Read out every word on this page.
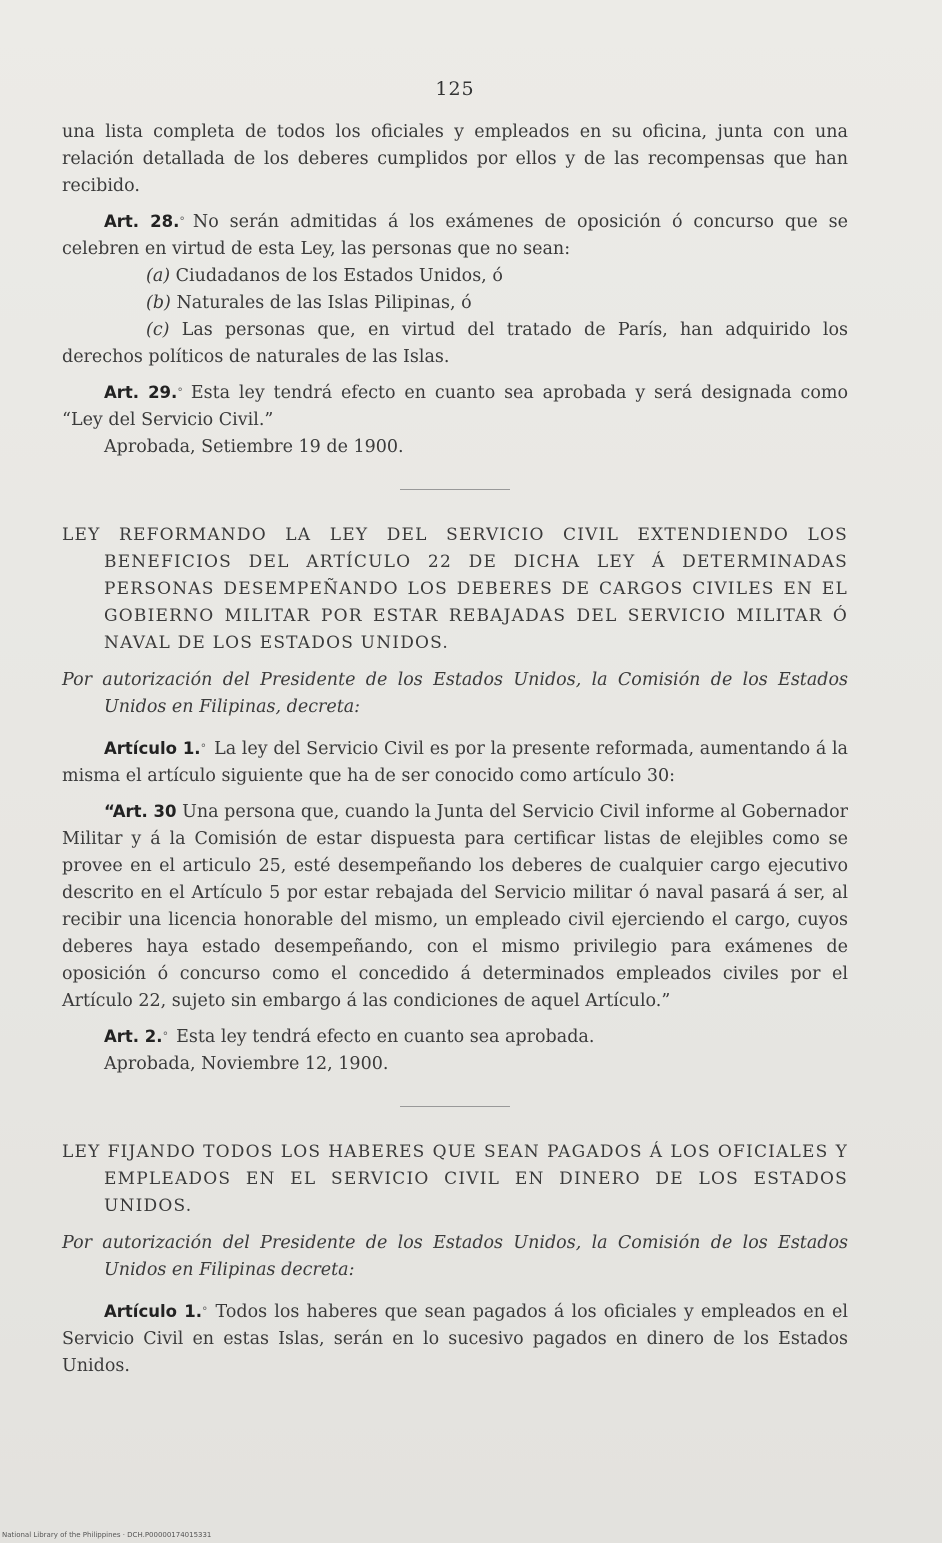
125

una lista completa de todos los oficiales y empleados en su oficina, junta con una relación detallada de los deberes cumplidos por ellos y de las recompensas que han recibido.

Art. 28.° No serán admitidas á los exámenes de oposición ó concurso que se celebren en virtud de esta Ley, las personas que no sean:

(a) Ciudadanos de los Estados Unidos, ó

(b) Naturales de las Islas Pilipinas, ó

(c) Las personas que, en virtud del tratado de París, han adquirido los derechos políticos de naturales de las Islas.

Art. 29.° Esta ley tendrá efecto en cuanto sea aprobada y será designada como “Ley del Servicio Civil.”

Aprobada, Setiembre 19 de 1900.

LEY REFORMANDO LA LEY DEL SERVICIO CIVIL EXTENDIENDO LOS BENEFICIOS DEL ARTÍCULO 22 DE DICHA LEY Á DETERMINADAS PERSONAS DESEMPEÑANDO LOS DEBERES DE CARGOS CIVILES EN EL GOBIERNO MILITAR POR ESTAR REBAJADAS DEL SERVICIO MILITAR Ó NAVAL DE LOS ESTADOS UNIDOS.

Por autorización del Presidente de los Estados Unidos, la Comisión de los Estados Unidos en Filipinas, decreta:

Artículo 1.° La ley del Servicio Civil es por la presente reformada, aumentando á la misma el artículo siguiente que ha de ser conocido como artículo 30:

“Art. 30 Una persona que, cuando la Junta del Servicio Civil informe al Gobernador Militar y á la Comisión de estar dispuesta para certificar listas de elejibles como se provee en el articulo 25, esté desempeñando los deberes de cualquier cargo ejecutivo descrito en el Artículo 5 por estar rebajada del Servicio militar ó naval pasará á ser, al recibir una licencia honorable del mismo, un empleado civil ejerciendo el cargo, cuyos deberes haya estado desempeñando, con el mismo privilegio para exámenes de oposición ó concurso como el concedido á determinados empleados civiles por el Artículo 22, sujeto sin embargo á las condiciones de aquel Artículo.”

Art. 2.° Esta ley tendrá efecto en cuanto sea aprobada.

Aprobada, Noviembre 12, 1900.

LEY FIJANDO TODOS LOS HABERES QUE SEAN PAGADOS Á LOS OFICIALES Y EMPLEADOS EN EL SERVICIO CIVIL EN DINERO DE LOS ESTADOS UNIDOS.

Por autorización del Presidente de los Estados Unidos, la Comisión de los Estados Unidos en Filipinas decreta:

Artículo 1.° Todos los haberes que sean pagados á los oficiales y empleados en el Servicio Civil en estas Islas, serán en lo sucesivo pagados en dinero de los Estados Unidos.

National Library of the Philippines · DCH.P00000174015331
